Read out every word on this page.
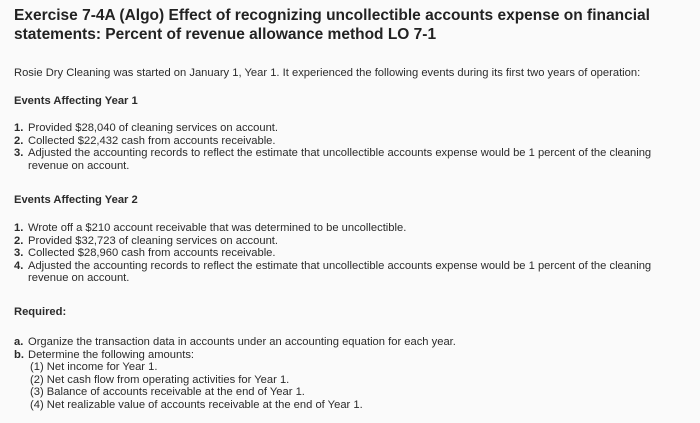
Exercise 7-4A (Algo) Effect of recognizing uncollectible accounts expense on financial
statements: Percent of revenue allowance method LO 7-1
Rosie Dry Cleaning was started on January 1, Year 1. It experienced the following events during its first two years of operation:
Events Affecting Year 1
1. Provided $28,040 of cleaning services on account.
2. Collected $22,432 cash from accounts receivable.
3. Adjusted the accounting records to reflect the estimate that uncollectible accounts expense would be 1 percent of the cleaning revenue on account.
Events Affecting Year 2
1. Wrote off a $210 account receivable that was determined to be uncollectible.
2. Provided $32,723 of cleaning services on account.
3. Collected $28,960 cash from accounts receivable.
4. Adjusted the accounting records to reflect the estimate that uncollectible accounts expense would be 1 percent of the cleaning revenue on account.
Required:
a. Organize the transaction data in accounts under an accounting equation for each year.
b. Determine the following amounts:
(1) Net income for Year 1.
(2) Net cash flow from operating activities for Year 1.
(3) Balance of accounts receivable at the end of Year 1.
(4) Net realizable value of accounts receivable at the end of Year 1.
